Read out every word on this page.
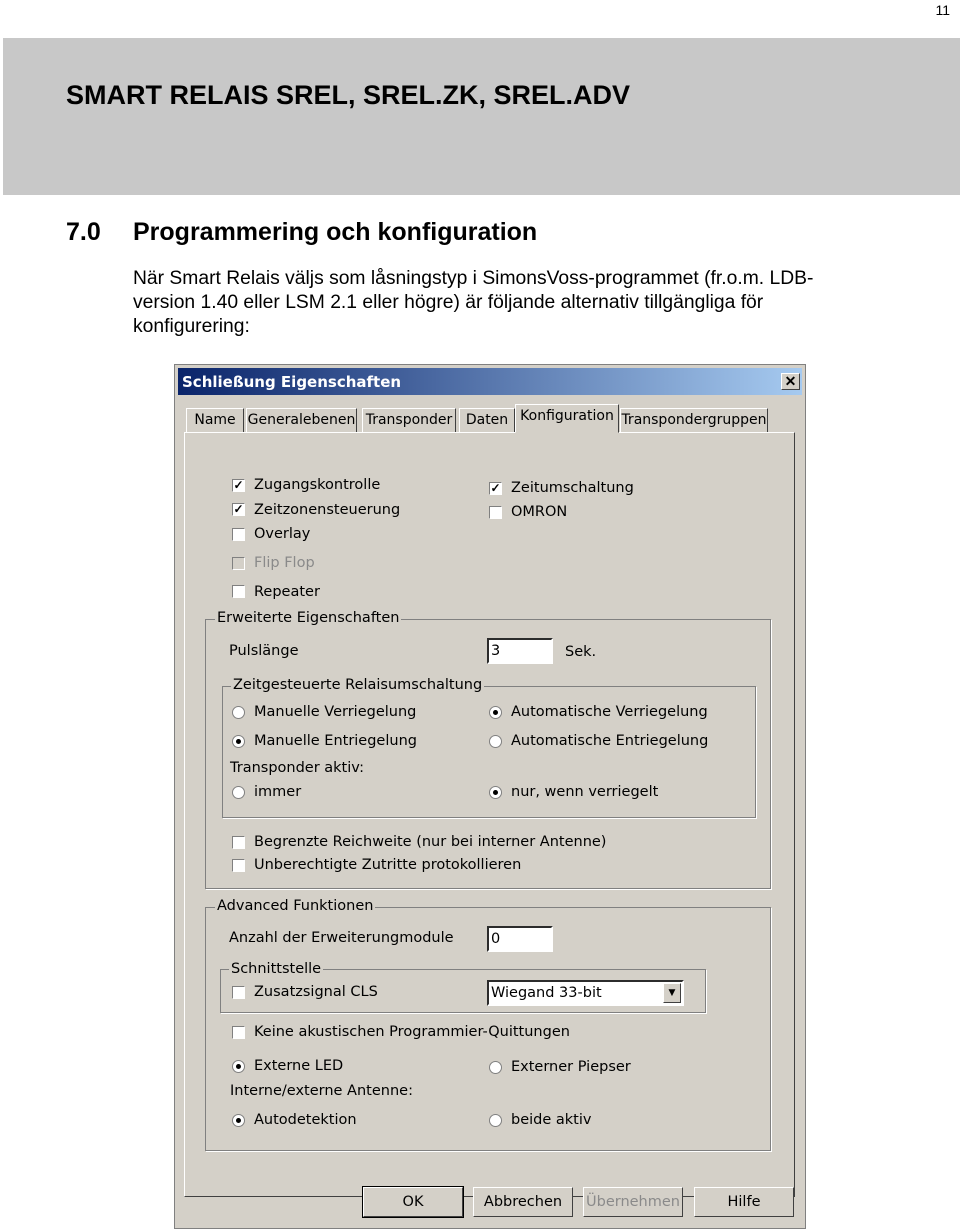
11
SMART RELAIS SREL, SREL.ZK, SREL.ADV
7.0 Programmering och konfiguration
När Smart Relais väljs som låsningstyp i SimonsVoss-programmet (fr.o.m. LDB-
version 1.40 eller LSM 2.1 eller högre) är följande alternativ tillgängliga för
konfigurering:
Schließung Eigenschaften	✕
Name Generalebenen Transponder Daten Konfiguration Transpondergruppen
✓ Zugangskontrolle
✓ Zeitzonensteuerung
Overlay
Flip Flop
Repeater
✓ Zeitumschaltung
OMRON
Erweiterte Eigenschaften
Pulslänge	3	Sek.
Zeitgesteuerte Relaisumschaltung
Manuelle Verriegelung	Automatische Verriegelung
Manuelle Entriegelung	Automatische Entriegelung
Transponder aktiv:
immer	nur, wenn verriegelt
Begrenzte Reichweite (nur bei interner Antenne)
Unberechtigte Zutritte protokollieren
Advanced Funktionen
Anzahl der Erweiterungmodule	0
Schnittstelle
Zusatzsignal CLS	Wiegand 33-bit	▼
Keine akustischen Programmier-Quittungen
Externe LED	Externer Piepser
Interne/externe Antenne:
Autodetektion	beide aktiv
OK	Abbrechen	Übernehmen	Hilfe
